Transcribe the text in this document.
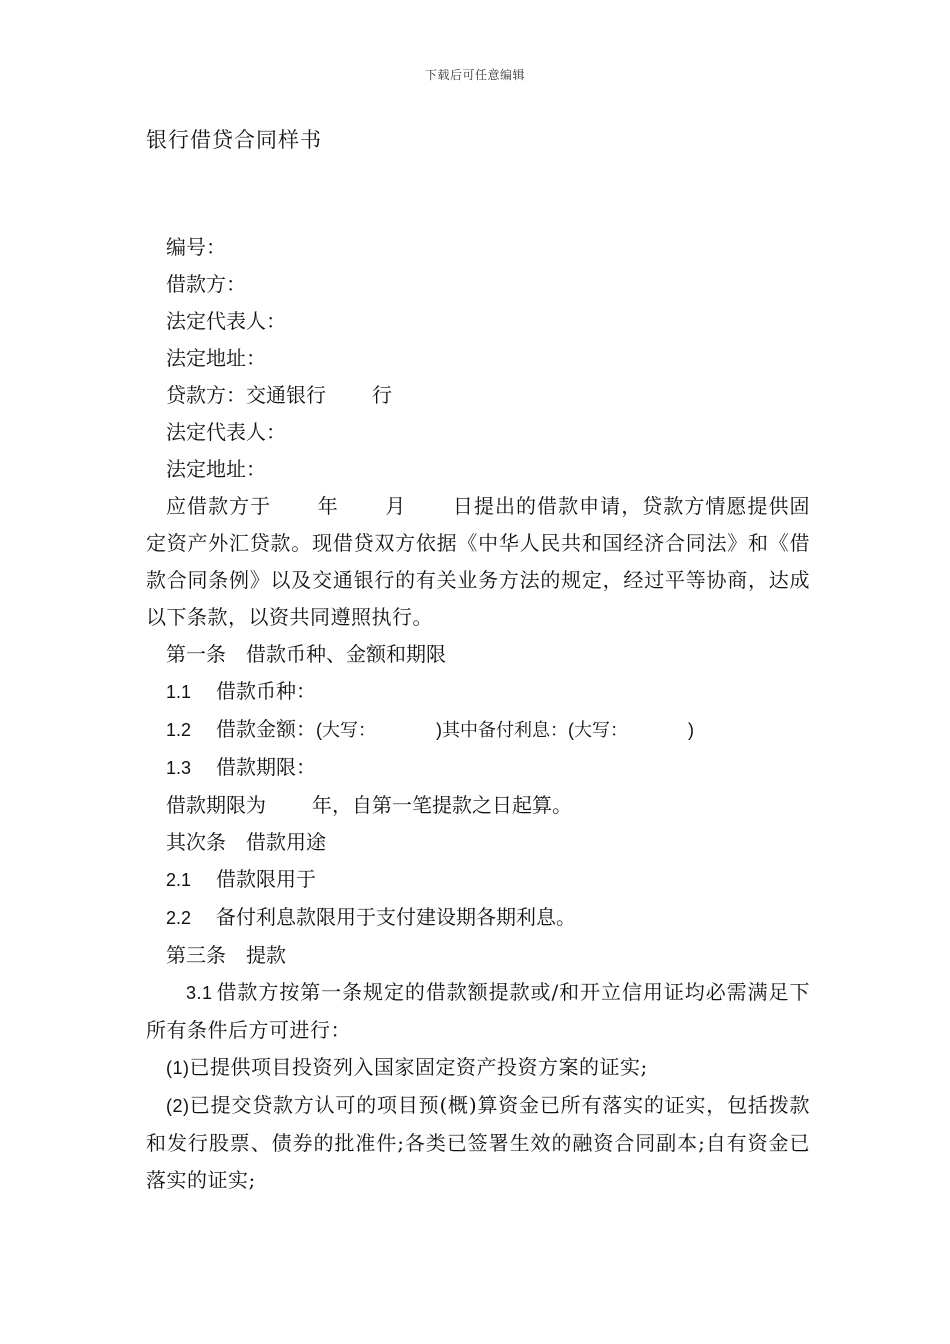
下载后可任意编辑
银行借贷合同样书

编号：

借款方：

法定代表人：

法定地址：

贷款方：交通银行 行

法定代表人：

法定地址：

应借款方于 年 月 日提出的借款申请，贷款方情愿提供固定资产外汇贷款。现借贷双方依据《中华人民共和国经济合同法》和《借款合同条例》以及交通银行的有关业务方法的规定，经过平等协商，达成以下条款，以资共同遵照执行。

第一条　借款币种、金额和期限

1.1 借款币种：

1.2 借款金额：(大写：	)其中备付利息：(大写：	)

1.3 借款期限：

借款期限为 年，自第一笔提款之日起算。

其次条　借款用途

2.1 借款限用于

2.2 备付利息款限用于支付建设期各期利息。

第三条　提款

3.1 借款方按第一条规定的借款额提款或/和开立信用证均必需满足下所有条件后方可进行：

(1)已提供项目投资列入国家固定资产投资方案的证实;

(2)已提交贷款方认可的项目预(概)算资金已所有落实的证实，包括拨款和发行股票、债券的批准件;各类已签署生效的融资合同副本;自有资金已落实的证实;
